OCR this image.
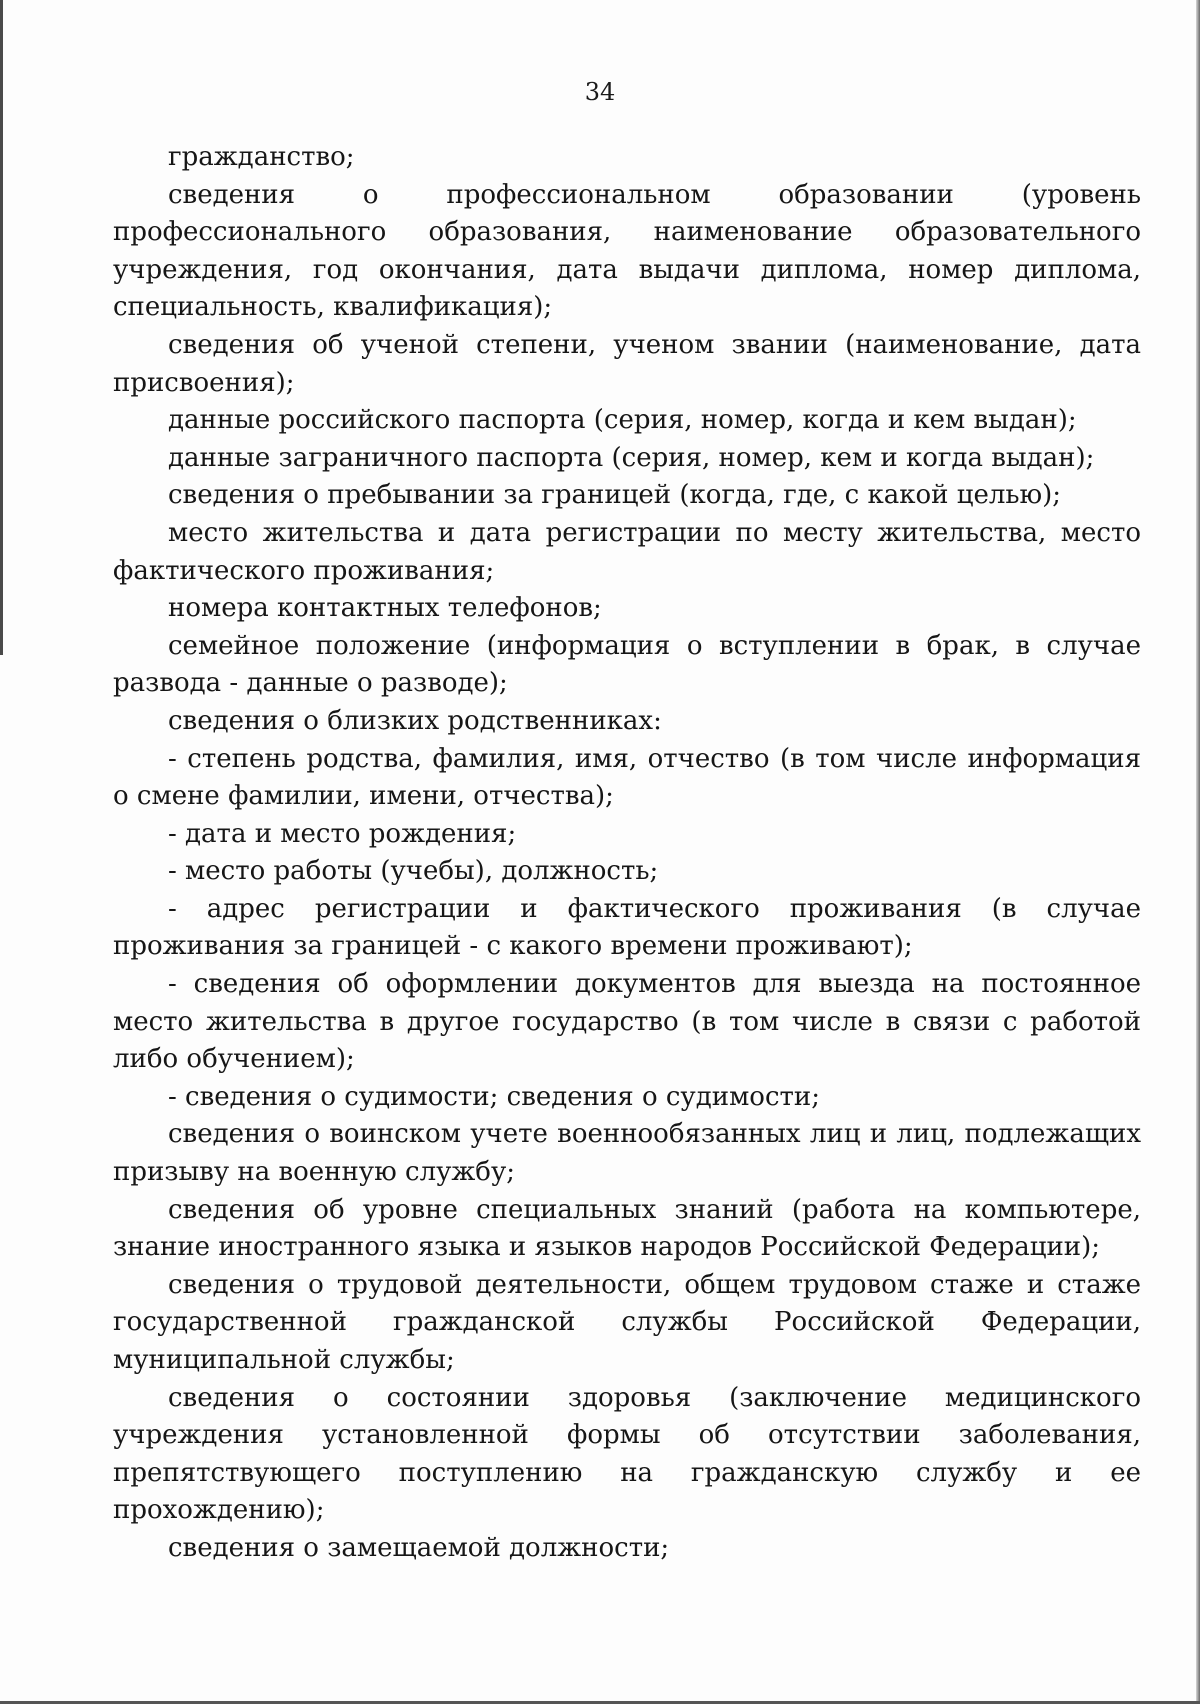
34

гражданство;

сведения о профессиональном образовании (уровень профессионального образования, наименование образовательного учреждения, год окончания, дата выдачи диплома, номер диплома, специальность, квалификация);

сведения об ученой степени, ученом звании (наименование, дата присвоения);

данные российского паспорта (серия, номер, когда и кем выдан);

данные заграничного паспорта (серия, номер, кем и когда выдан);

сведения о пребывании за границей (когда, где, с какой целью);

место жительства и дата регистрации по месту жительства, место фактического проживания;

номера контактных телефонов;

семейное положение (информация о вступлении в брак, в случае развода - данные о разводе);

сведения о близких родственниках:

- степень родства, фамилия, имя, отчество (в том числе информация о смене фамилии, имени, отчества);

- дата и место рождения;

- место работы (учебы), должность;

- адрес регистрации и фактического проживания (в случае проживания за границей - с какого времени проживают);

- сведения об оформлении документов для выезда на постоянное место жительства в другое государство (в том числе в связи с работой либо обучением);

- сведения о судимости; сведения о судимости;

сведения о воинском учете военнообязанных лиц и лиц, подлежащих призыву на военную службу;

сведения об уровне специальных знаний (работа на компьютере, знание иностранного языка и языков народов Российской Федерации);

сведения о трудовой деятельности, общем трудовом стаже и стаже государственной гражданской службы Российской Федерации, муниципальной службы;

сведения о состоянии здоровья (заключение медицинского учреждения установленной формы об отсутствии заболевания, препятствующего поступлению на гражданскую службу и ее прохождению);

сведения о замещаемой должности;
